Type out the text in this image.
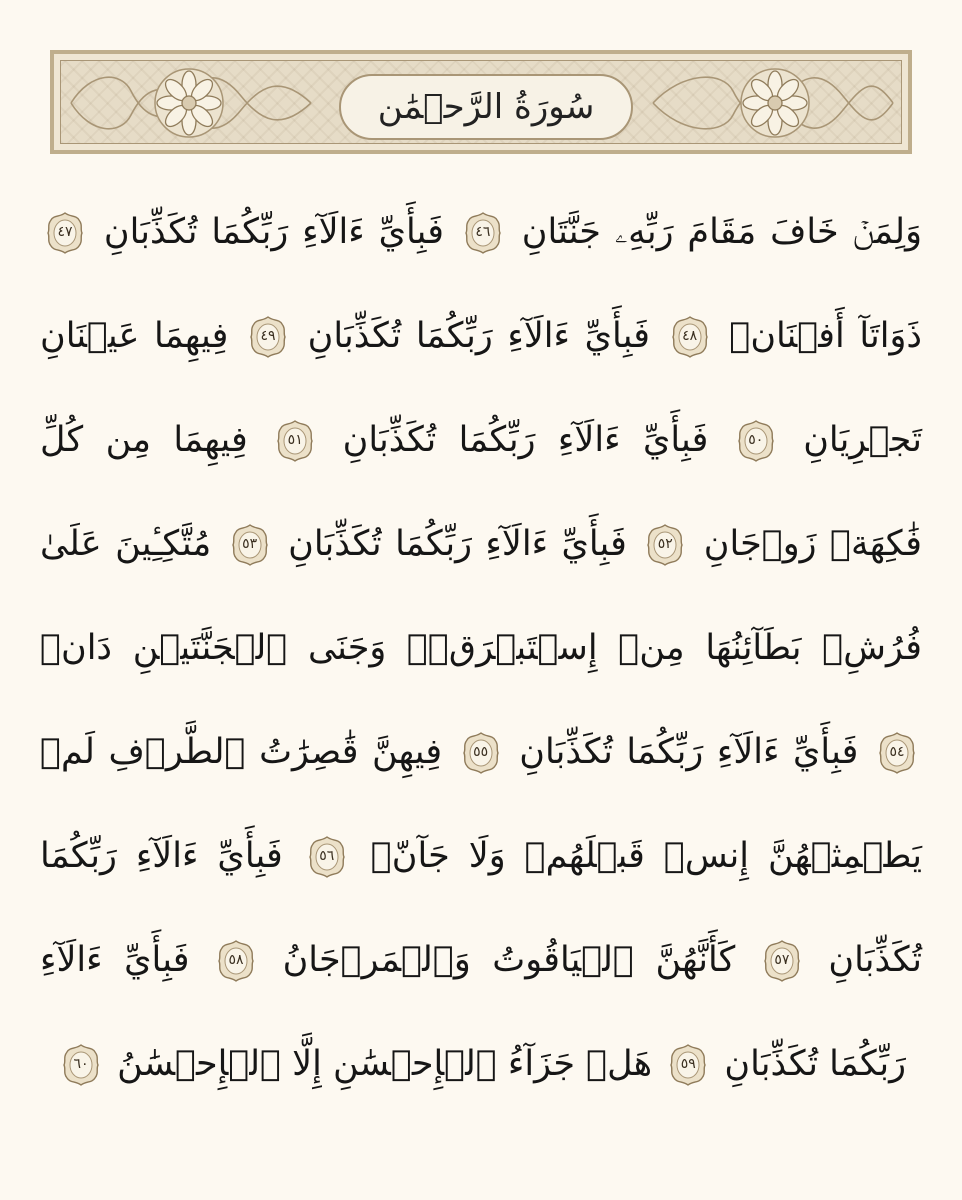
سُورَةُ الرَّحۡمَٰن
وَلِمَنۡ خَافَ مَقَامَ رَبِّهِۦ جَنَّتَانِ
٤٦
فَبِأَيِّ ءَالَآءِ رَبِّكُمَا تُكَذِّبَانِ
٤٧
ذَوَاتَآ أَفۡنَانٖ
٤٨
فَبِأَيِّ ءَالَآءِ رَبِّكُمَا تُكَذِّبَانِ
٤٩
فِيهِمَا عَيۡنَانِ تَجۡرِيَانِ
٥٠
فَبِأَيِّ ءَالَآءِ رَبِّكُمَا تُكَذِّبَانِ
٥١
فِيهِمَا مِن كُلِّ فَٰكِهَةٖ زَوۡجَانِ
٥٢
فَبِأَيِّ ءَالَآءِ رَبِّكُمَا تُكَذِّبَانِ
٥٣
مُتَّكِـِٔينَ عَلَىٰ فُرُشِۭ بَطَآئِنُهَا مِنۡ إِسۡتَبۡرَقٖۚ وَجَنَى ٱلۡجَنَّتَيۡنِ دَانٖ
٥٤
فَبِأَيِّ ءَالَآءِ رَبِّكُمَا تُكَذِّبَانِ
٥٥
فِيهِنَّ قَٰصِرَٰتُ ٱلطَّرۡفِ لَمۡ يَطۡمِثۡهُنَّ إِنسٞ قَبۡلَهُمۡ وَلَا جَآنّٞ
٥٦
فَبِأَيِّ ءَالَآءِ رَبِّكُمَا تُكَذِّبَانِ
٥٧
كَأَنَّهُنَّ ٱلۡيَاقُوتُ وَٱلۡمَرۡجَانُ
٥٨
فَبِأَيِّ ءَالَآءِ رَبِّكُمَا تُكَذِّبَانِ
٥٩
هَلۡ جَزَآءُ ٱلۡإِحۡسَٰنِ إِلَّا ٱلۡإِحۡسَٰنُ
٦٠
